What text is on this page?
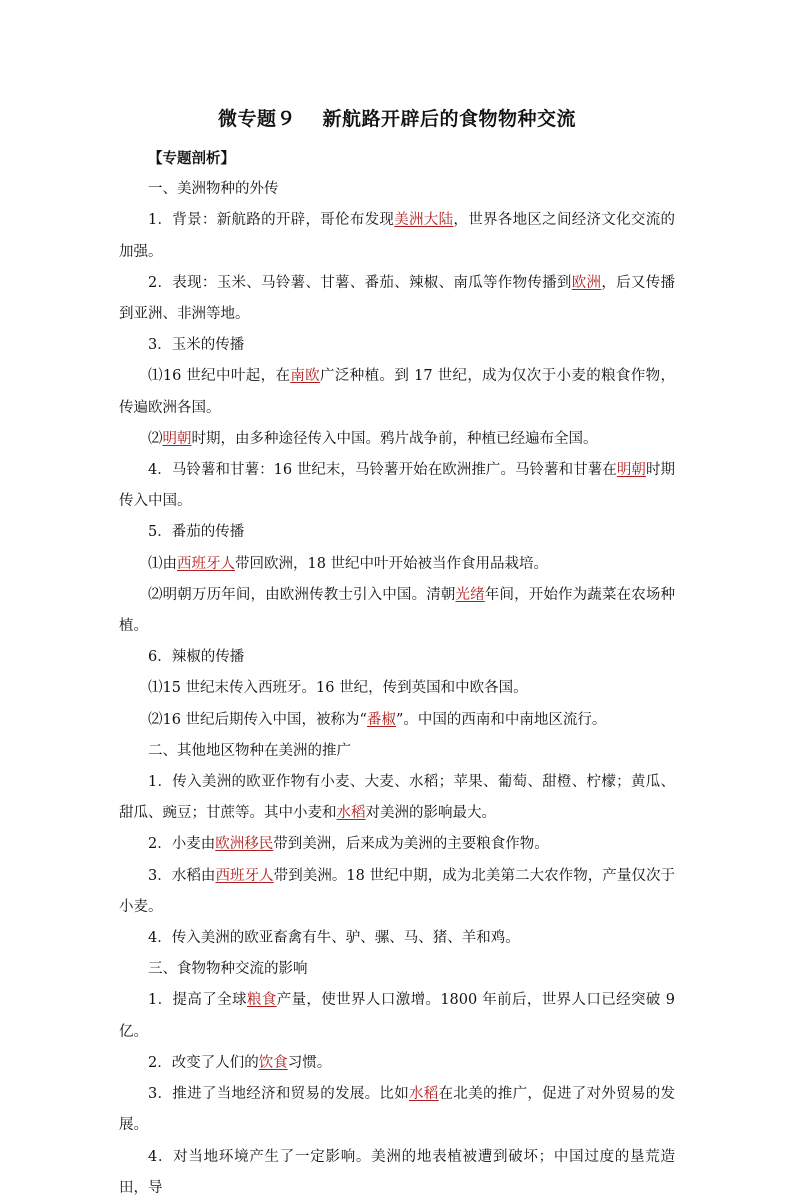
微专题９　 新航路开辟后的食物物种交流

【专题剖析】

一、美洲物种的外传

1．背景：新航路的开辟，哥伦布发现美洲大陆，世界各地区之间经济文化交流的加强。

2．表现：玉米、马铃薯、甘薯、番茄、辣椒、南瓜等作物传播到欧洲，后又传播到亚洲、非洲等地。

3．玉米的传播

⑴16 世纪中叶起，在南欧广泛种植。到 17 世纪，成为仅次于小麦的粮食作物，传遍欧洲各国。

⑵明朝时期，由多种途径传入中国。鸦片战争前，种植已经遍布全国。

4．马铃薯和甘薯：16 世纪末，马铃薯开始在欧洲推广。马铃薯和甘薯在明朝时期传入中国。

5．番茄的传播

⑴由西班牙人带回欧洲，18 世纪中叶开始被当作食用品栽培。

⑵明朝万历年间，由欧洲传教士引入中国。清朝光绪年间，开始作为蔬菜在农场种植。

6．辣椒的传播

⑴15 世纪末传入西班牙。16 世纪，传到英国和中欧各国。

⑵16 世纪后期传入中国，被称为“番椒”。中国的西南和中南地区流行。

二、其他地区物种在美洲的推广

1．传入美洲的欧亚作物有小麦、大麦、水稻；苹果、葡萄、甜橙、柠檬；黄瓜、甜瓜、豌豆；甘蔗等。其中小麦和水稻对美洲的影响最大。

2．小麦由欧洲移民带到美洲，后来成为美洲的主要粮食作物。

3．水稻由西班牙人带到美洲。18 世纪中期，成为北美第二大农作物，产量仅次于小麦。

4．传入美洲的欧亚畜禽有牛、驴、骡、马、猪、羊和鸡。

三、食物物种交流的影响

1．提高了全球粮食产量，使世界人口激增。1800 年前后，世界人口已经突破 9 亿。

2．改变了人们的饮食习惯。

3．推进了当地经济和贸易的发展。比如水稻在北美的推广，促进了对外贸易的发展。

4．对当地环境产生了一定影响。美洲的地表植被遭到破坏；中国过度的垦荒造田，导
